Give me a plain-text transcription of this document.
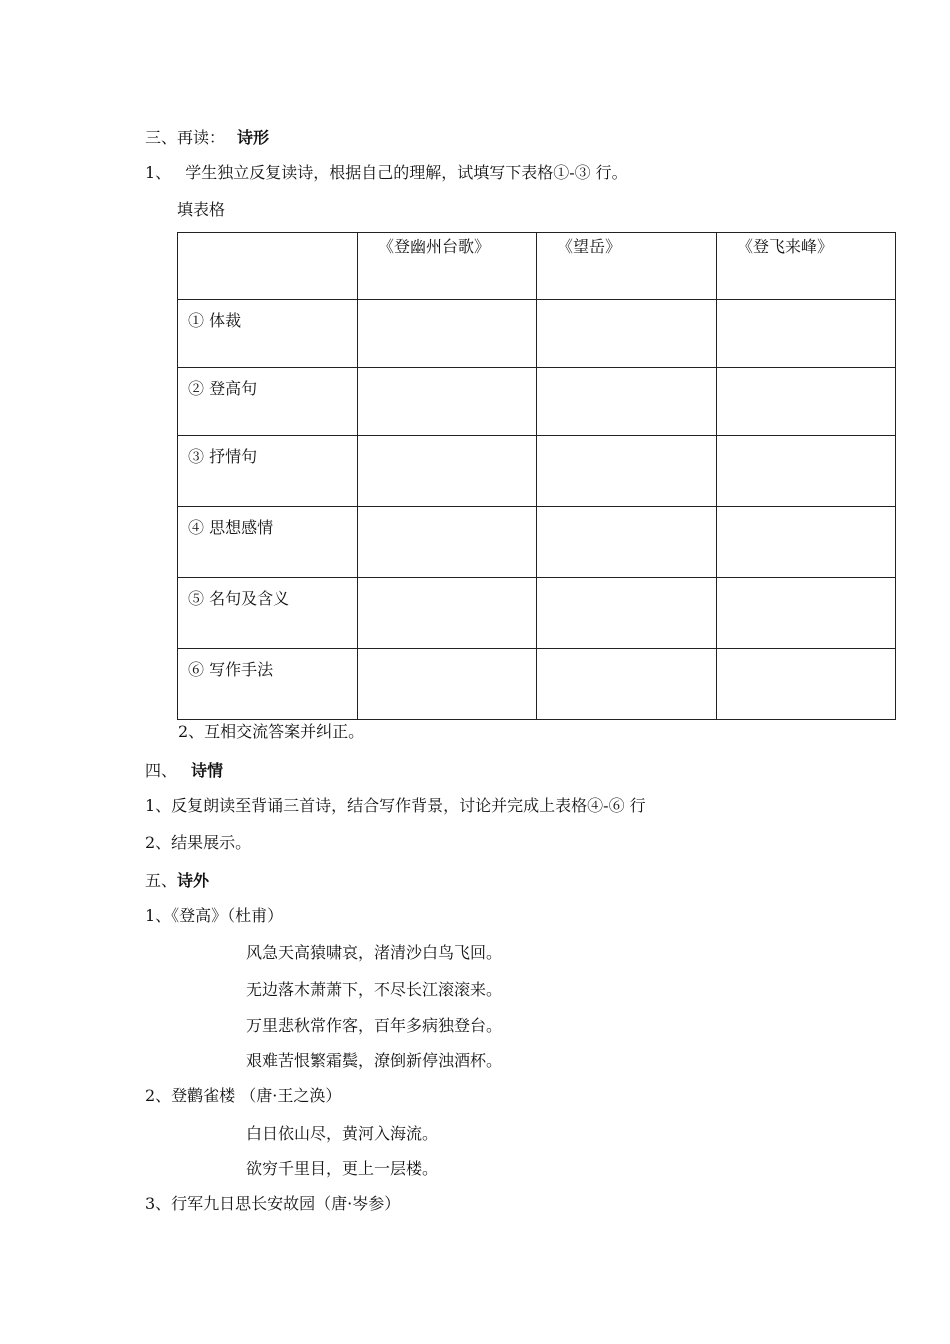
三、再读： 诗形
1、 学生独立反复读诗，根据自己的理解，试填写下表格①-③ 行。
填表格
	《登幽州台歌》	《望岳》	《登飞来峰》
① 体裁			
② 登高句			
③ 抒情句			
④ 思想感情			
⑤ 名句及含义			
⑥ 写作手法			
2、互相交流答案并纠正。
四、 诗情
1、反复朗读至背诵三首诗，结合写作背景，讨论并完成上表格④-⑥ 行
2、结果展示。
五、诗外
1、《登高》（杜甫）
风急天高猿啸哀，渚清沙白鸟飞回。
无边落木萧萧下，不尽长江滚滚来。
万里悲秋常作客，百年多病独登台。
艰难苦恨繁霜鬓，潦倒新停浊酒杯。
2、登鹳雀楼 （唐·王之涣）
白日依山尽，黄河入海流。
欲穷千里目，更上一层楼。
3、行军九日思长安故园（唐·岑参）
